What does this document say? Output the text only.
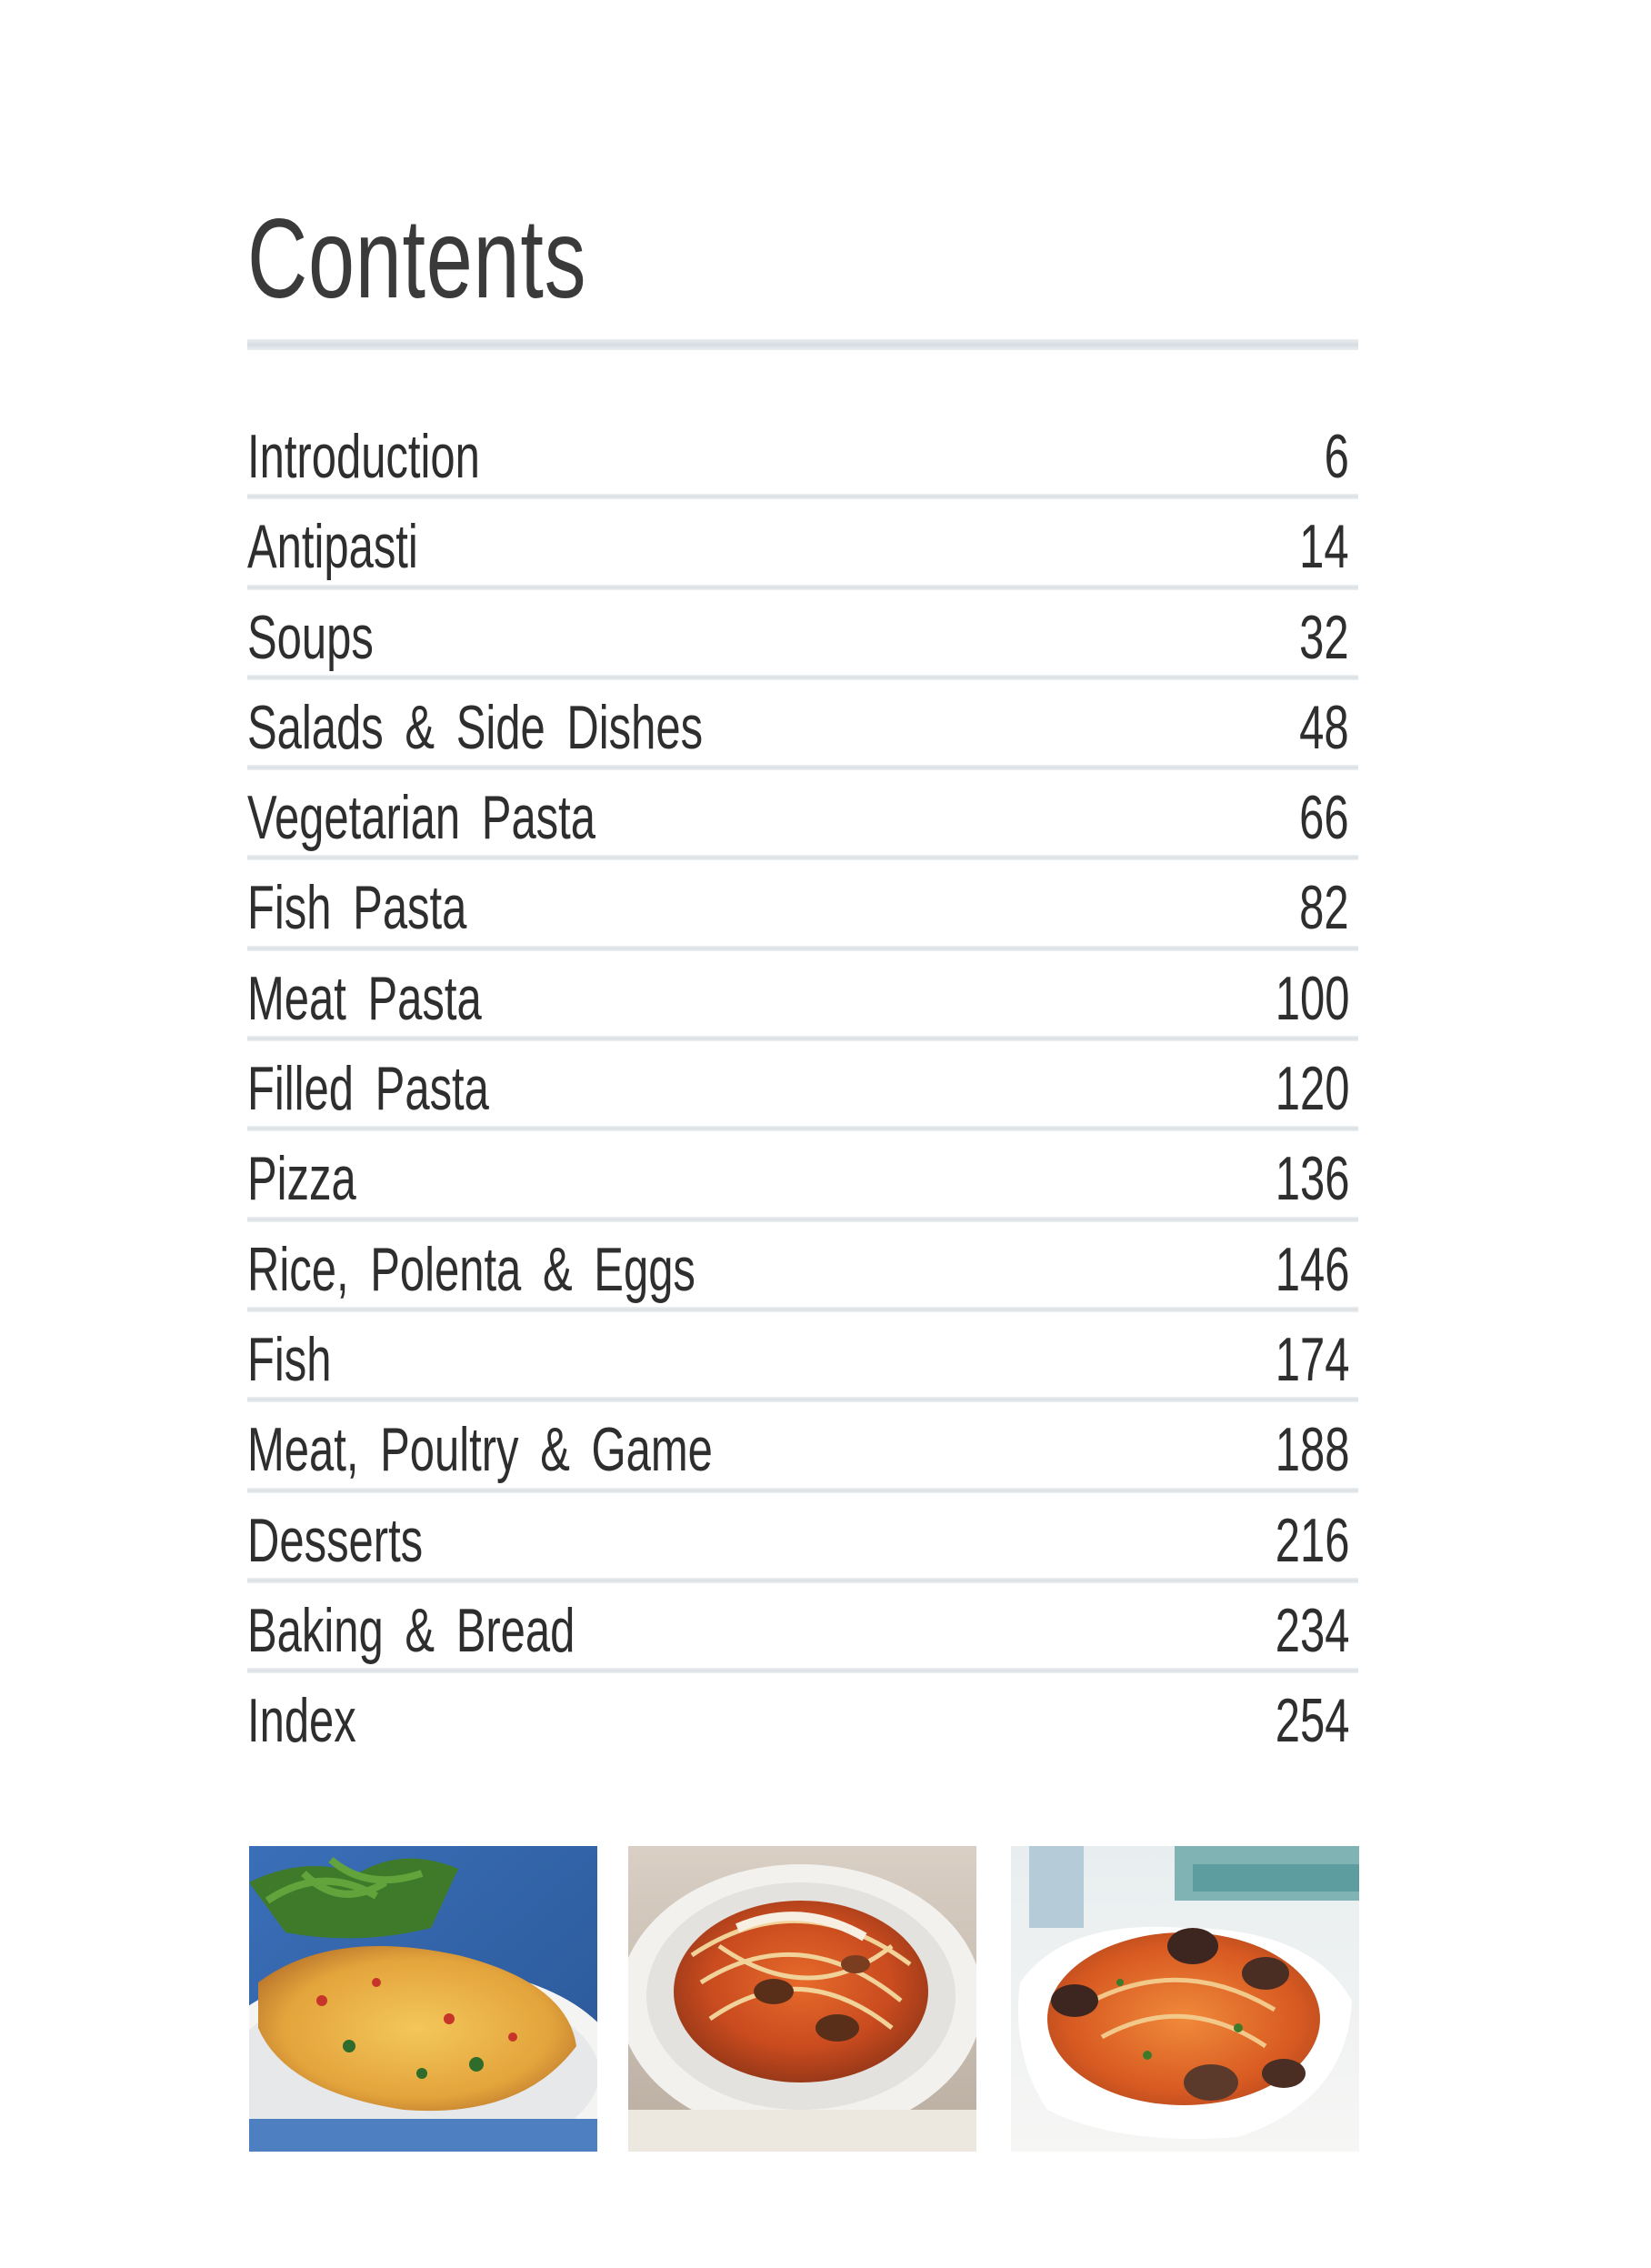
Contents
Introduction	6
Antipasti	14
Soups	32
Salads & Side Dishes	48
Vegetarian Pasta	66
Fish Pasta	82
Meat Pasta	100
Filled Pasta	120
Pizza	136
Rice, Polenta & Eggs	146
Fish	174
Meat, Poultry & Game	188
Desserts	216
Baking & Bread	234
Index	254
